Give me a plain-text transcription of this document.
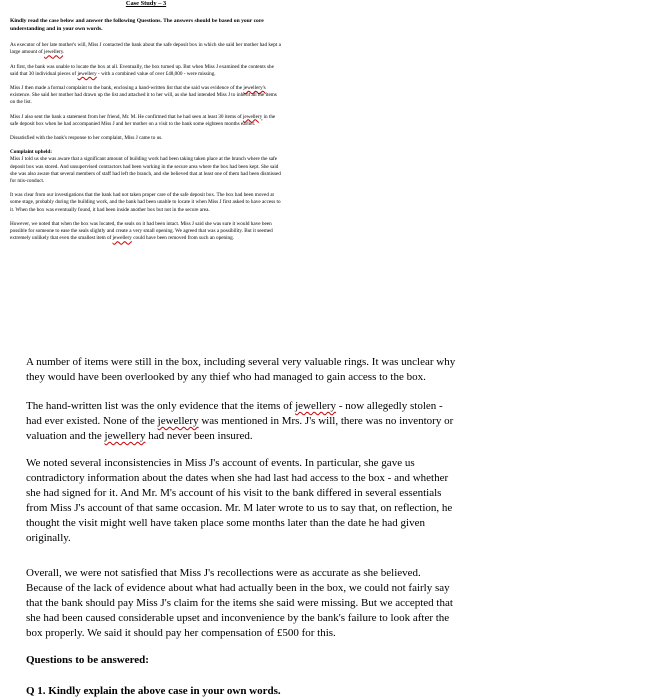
Case Study – 3

Kindly read the case below and answer the following Questions. The answers should be based on your core understanding and in your own words.

As executor of her late mother's will, Miss J contacted the bank about the safe deposit box in which she said her mother had kept a large amount of jewellery.

At first, the bank was unable to locate the box at all. Eventually, the box turned up. But when Miss J examined the contents she said that 30 individual pieces of jewellery - with a combined value of over £48,000 - were missing.

Miss J then made a formal complaint to the bank, enclosing a hand-written list that she said was evidence of the jewellery's existence. She said her mother had drawn up the list and attached it to her will, as she had intended Miss J to inherit all the items on the list.

Miss J also sent the bank a statement from her friend, Mr. M. He confirmed that he had seen at least 30 items of jewellery in the safe deposit box when he had accompanied Miss J and her mother on a visit to the bank some eighteen months earlier.

Dissatisfied with the bank's response to her complaint, Miss J came to us.

Complaint upheld:

Miss J told us she was aware that a significant amount of building work had been taking taken place at the branch where the safe deposit box was stored. And unsupervised contractors had been working in the secure area where the box had been kept. She said she was also aware that several members of staff had left the branch, and she believed that at least one of them had been dismissed for mis-conduct.

It was clear from our investigations that the bank had not taken proper care of the safe deposit box. The box had been moved at some stage, probably during the building work, and the bank had been unable to locate it when Miss J first asked to have access to it. When the box was eventually found, it had been inside another box but not in the secure area.

However, we noted that when the box was located, the seals on it had been intact. Miss J said she was sure it would have been possible for someone to ease the seals slightly and create a very small opening. We agreed that was a possibility. But it seemed extremely unlikely that even the smallest item of jewellery could have been removed from such an opening.

A number of items were still in the box, including several very valuable rings. It was unclear why they would have been overlooked by any thief who had managed to gain access to the box.

The hand-written list was the only evidence that the items of jewellery - now allegedly stolen - had ever existed. None of the jewellery was mentioned in Mrs. J's will, there was no inventory or valuation and the jewellery had never been insured.

We noted several inconsistencies in Miss J's account of events. In particular, she gave us contradictory information about the dates when she had last had access to the box - and whether she had signed for it. And Mr. M's account of his visit to the bank differed in several essentials from Miss J's account of that same occasion. Mr. M later wrote to us to say that, on reflection, he thought the visit might well have taken place some months later than the date he had given originally.

Overall, we were not satisfied that Miss J's recollections were as accurate as she believed. Because of the lack of evidence about what had actually been in the box, we could not fairly say that the bank should pay Miss J's claim for the items she said were missing. But we accepted that she had been caused considerable upset and inconvenience by the bank's failure to look after the box properly. We said it should pay her compensation of £500 for this.

Questions to be answered:

Q 1. Kindly explain the above case in your own words.
